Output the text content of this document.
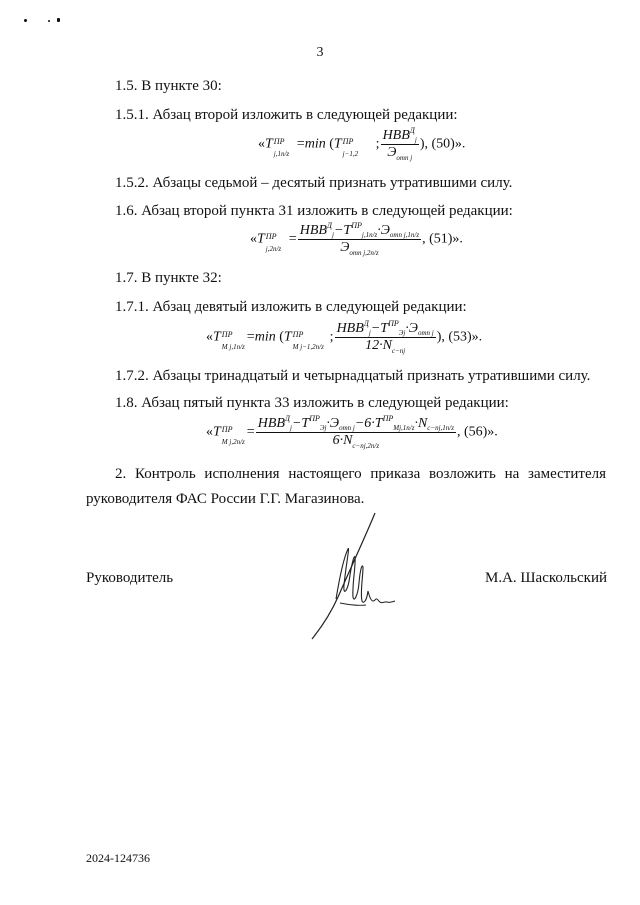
3
1.5. В пункте 30:
1.5.1. Абзац второй изложить в следующей редакции:
«T ПР
j,1n/z
=min (T ПР
j−1,2
; $\frac{НВВ^Д_j}{Э_{omn j}}$ ), (50)».
1.5.2. Абзацы седьмой – десятый признать утратившими силу.
1.6. Абзац второй пункта 31 изложить в следующей редакции:
«T ПР
j,2n/z
= $\frac{НВВ^Д_j-T^{ПР}_{j,1n/z}\cdot Э_{omn j,1n/z}}{Э_{omn j,2n/z}}$ , (51)».
1.7. В пункте 32:
1.7.1. Абзац девятый изложить в следующей редакции:
«T ПР
M j,1n/z
=min (T ПР
M j−1,2n/z
; $\frac{НВВ^Д_j-T^{ПР}_{Эj}\cdot Э_{omn j}}{12\cdot N_{c-nj}}$ ), (53)».
1.7.2. Абзацы тринадцатый и четырнадцатый признать утратившими силу.
1.8. Абзац пятый пункта 33 изложить в следующей редакции:
«T ПР
M j,2n/z
= $\frac{НВВ^Д_j-T^{ПР}_{Эj}\cdot Э_{omn j}-6\cdot T^{ПР}_{Mj,1n/z}\cdot N_{c-nj,1n/z}}{6\cdot N_{c-nj,2n/z}}$ , (56)».
2. Контроль исполнения настоящего приказа возложить на заместителя
руководителя ФАС России Г.Г. Магазинова.
Руководитель	М.А. Шаскольский
2024-124736
